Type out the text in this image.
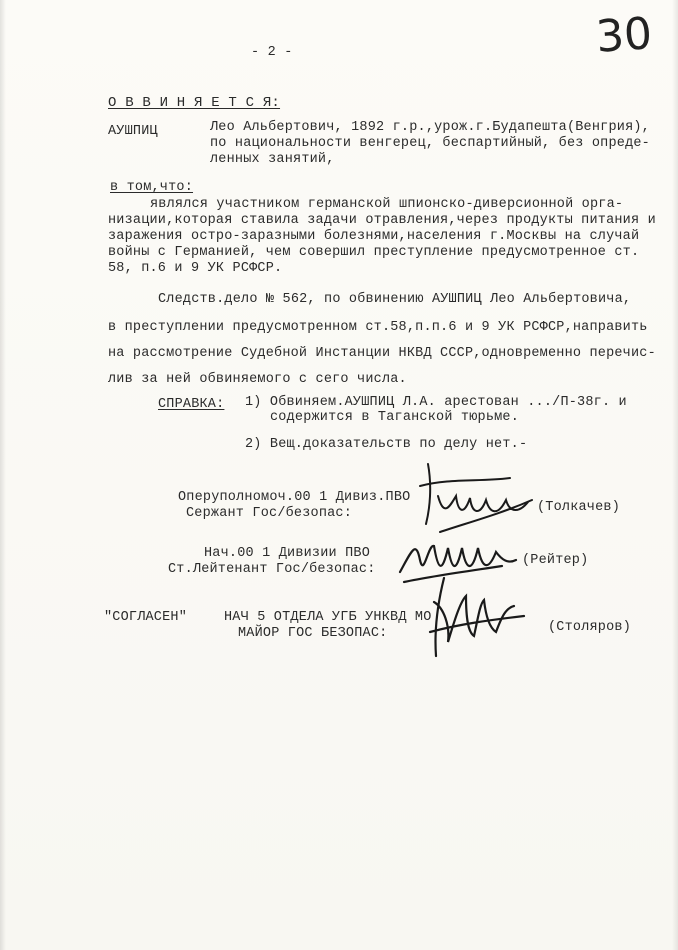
- 2 -	30
О В В И Н Я Е Т С Я:
АУШПИЦ	Лео Альбертович, 1892 г.р.,урож.г.Будапешта(Венгрия),
по национальности венгерец, беспартийный, без опреде-
ленных занятий,
в том,что:
являлся участником германской шпионско-диверсионной орга-
низации,которая ставила задачи отравления,через продукты питания и
заражения остро-заразными болезнями,населения г.Москвы на случай
войны с Германией, чем совершил преступление предусмотренное ст.
58, п.6 и 9 УК РСФСР.
Следств.дело № 562, по обвинению АУШПИЦ Лео Альбертовича,
в преступлении предусмотренном ст.58,п.п.6 и 9 УК РСФСР,направить
на рассмотрение Судебной Инстанции НКВД СССР,одновременно перечис-
лив за ней обвиняемого с сего числа.
СПРАВКА: 1) Обвиняем.АУШПИЦ Л.А. арестован .../П-38г. и
содержится в Таганской тюрьме.
2) Вещ.доказательств по делу нет.-
Оперуполномоч.00 1 Дивиз.ПВО
Сержант Гос/безопас:	(Толкачев)
Нач.00 1 Дивизии ПВО
Ст.Лейтенант Гос/безопас:
(Рейтер)
"СОГЛАСЕН"	НАЧ 5 ОТДЕЛА УГБ УНКВД МО
МАЙОР ГОС БЕЗОПАС:	(Столяров)
